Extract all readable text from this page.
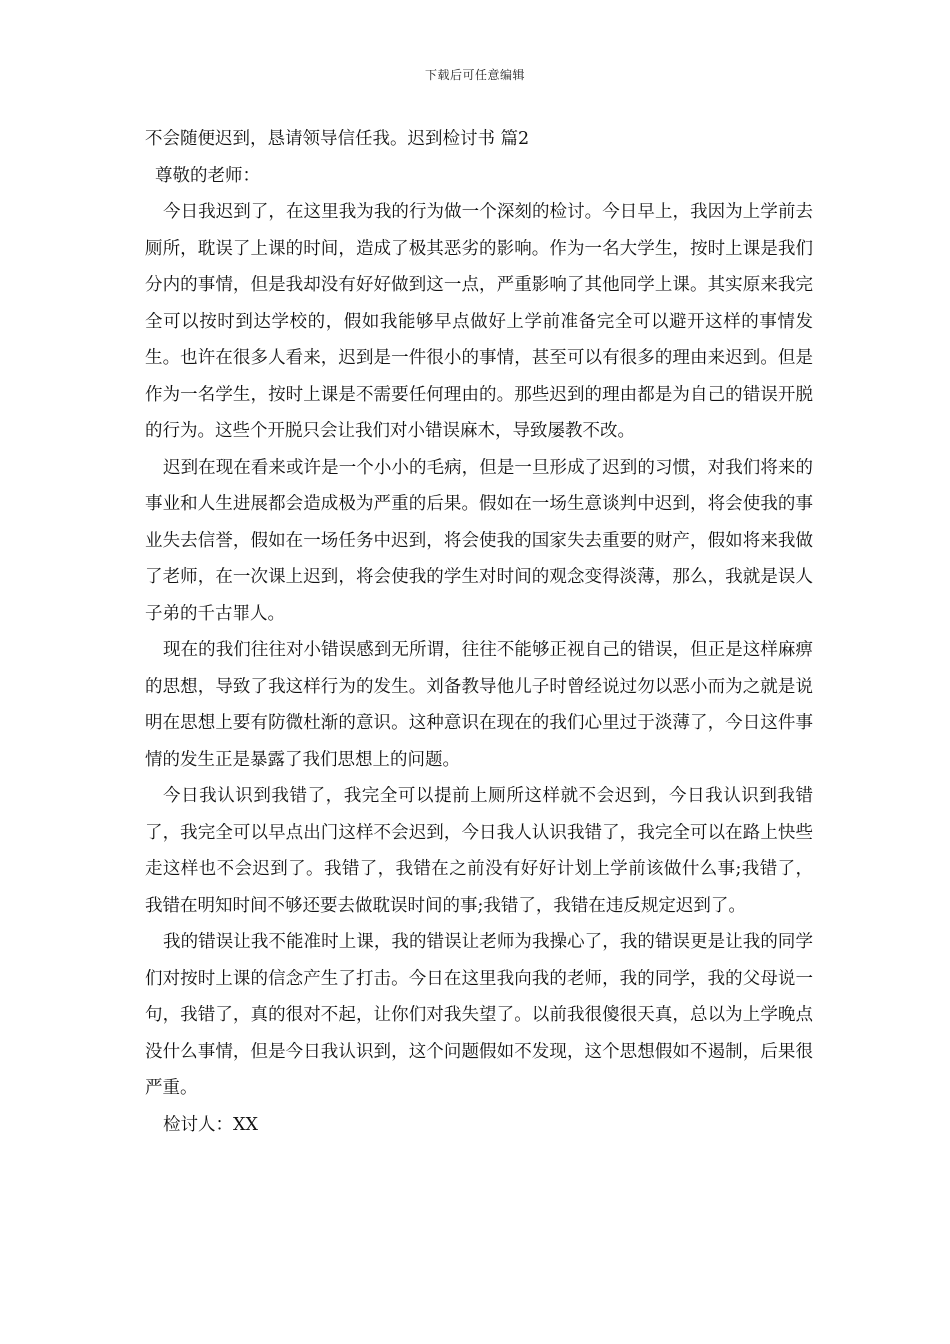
下载后可任意编辑

不会随便迟到，恳请领导信任我。迟到检讨书 篇2

尊敬的老师：

今日我迟到了，在这里我为我的行为做一个深刻的检讨。今日早上，我因为上学前去厕所，耽误了上课的时间，造成了极其恶劣的影响。作为一名大学生，按时上课是我们分内的事情，但是我却没有好好做到这一点，严重影响了其他同学上课。其实原来我完全可以按时到达学校的，假如我能够早点做好上学前准备完全可以避开这样的事情发生。也许在很多人看来，迟到是一件很小的事情，甚至可以有很多的理由来迟到。但是作为一名学生，按时上课是不需要任何理由的。那些迟到的理由都是为自己的错误开脱的行为。这些个开脱只会让我们对小错误麻木，导致屡教不改。

迟到在现在看来或许是一个小小的毛病，但是一旦形成了迟到的习惯，对我们将来的事业和人生进展都会造成极为严重的后果。假如在一场生意谈判中迟到，将会使我的事业失去信誉，假如在一场任务中迟到，将会使我的国家失去重要的财产，假如将来我做了老师，在一次课上迟到，将会使我的学生对时间的观念变得淡薄，那么，我就是误人子弟的千古罪人。

现在的我们往往对小错误感到无所谓，往往不能够正视自己的错误，但正是这样麻痹的思想，导致了我这样行为的发生。刘备教导他儿子时曾经说过勿以恶小而为之就是说明在思想上要有防微杜渐的意识。这种意识在现在的我们心里过于淡薄了，今日这件事情的发生正是暴露了我们思想上的问题。

今日我认识到我错了，我完全可以提前上厕所这样就不会迟到，今日我认识到我错了，我完全可以早点出门这样不会迟到，今日我人认识我错了，我完全可以在路上快些走这样也不会迟到了。我错了，我错在之前没有好好计划上学前该做什么事;我错了，我错在明知时间不够还要去做耽误时间的事;我错了，我错在违反规定迟到了。

我的错误让我不能准时上课，我的错误让老师为我操心了，我的错误更是让我的同学们对按时上课的信念产生了打击。今日在这里我向我的老师，我的同学，我的父母说一句，我错了，真的很对不起，让你们对我失望了。以前我很傻很天真，总以为上学晚点没什么事情，但是今日我认识到，这个问题假如不发现，这个思想假如不遏制，后果很严重。

检讨人：XX
